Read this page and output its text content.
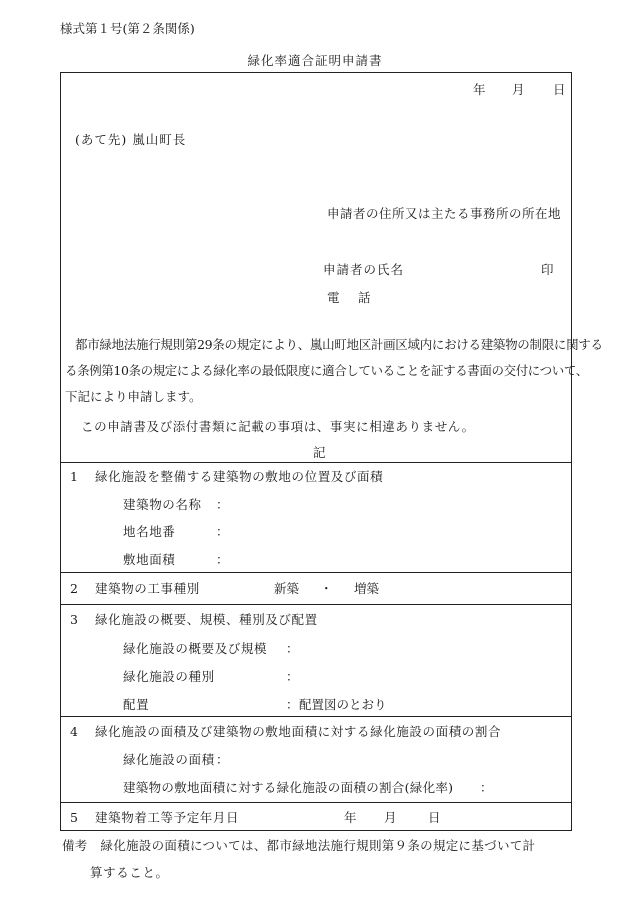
様式第１号(第２条関係)
緑化率適合証明申請書
年 月 日
(あて先) 嵐山町長
申請者の住所又は主たる事務所の所在地
申請者の氏名	印
電　話
都市緑地法施行規則第29条の規定により、嵐山町地区計画区域内における建築物の制限に関する
る条例第10条の規定による緑化率の最低限度に適合していることを証する書面の交付について、
下記により申請します。
この申請書及び添付書類に記載の事項は、事実に相違ありません。
記
1 緑化施設を整備する建築物の敷地の位置及び面積
建築物の名称 ：
地名地番	：
敷地面積	：
2 建築物の工事種別	新築 ・ 増築
3 緑化施設の概要、規模、種別及び配置
緑化施設の概要及び規模 ：
緑化施設の種別	：
配置	： 配置図のとおり
4 緑化施設の面積及び建築物の敷地面積に対する緑化施設の面積の割合
緑化施設の面積 ：
建築物の敷地面積に対する緑化施設の面積の割合(緑化率) ：
5 建築物着工等予定年月日	年 月	日
備考　緑化施設の面積については、都市緑地法施行規則第９条の規定に基づいて計
算すること。
